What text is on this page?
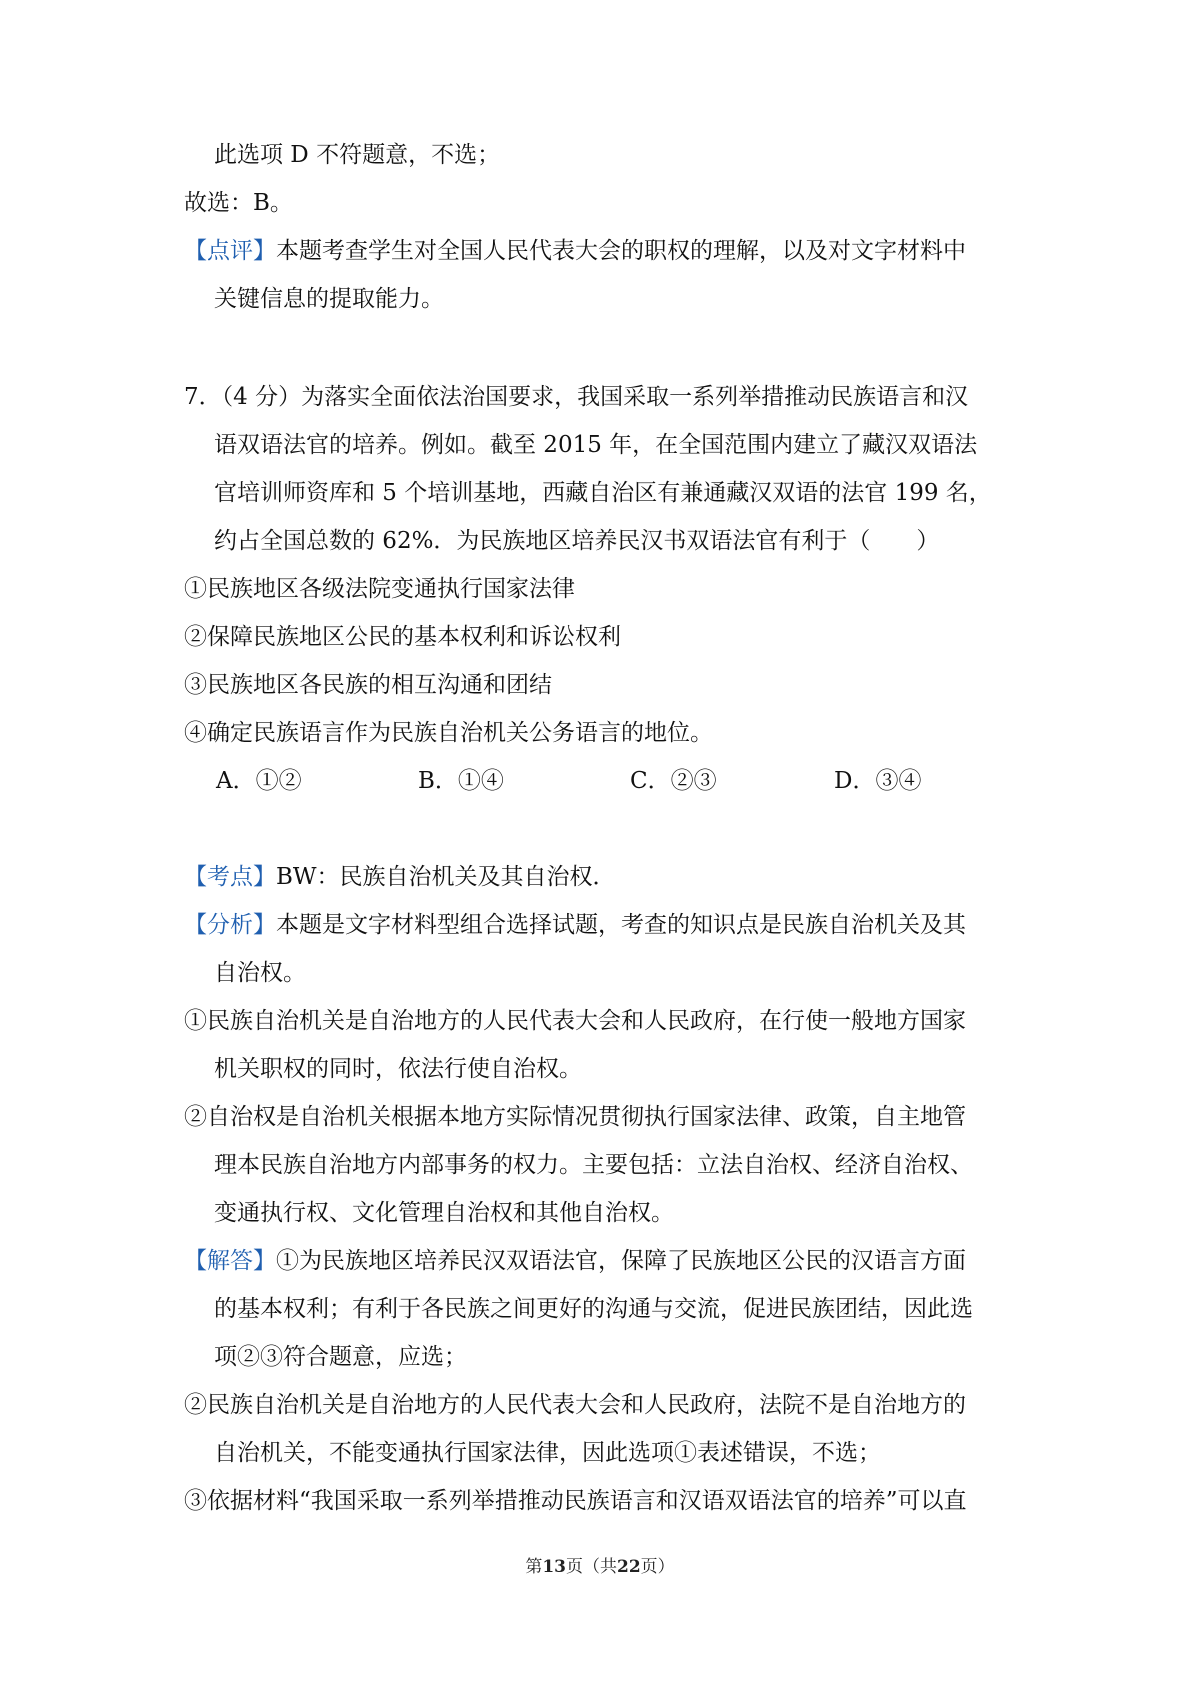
此选项 D 不符题意，不选；
故选：B。
【点评】本题考查学生对全国人民代表大会的职权的理解，以及对文字材料中
关键信息的提取能力。
7．（4 分）为落实全面依法治国要求，我国采取一系列举措推动民族语言和汉
语双语法官的培养。例如。截至 2015 年，在全国范围内建立了藏汉双语法
官培训师资库和 5 个培训基地，西藏自治区有兼通藏汉双语的法官 199 名，
约占全国总数的 62%．为民族地区培养民汉书双语法官有利于（　　）
①民族地区各级法院变通执行国家法律
②保障民族地区公民的基本权利和诉讼权利
③民族地区各民族的相互沟通和团结
④确定民族语言作为民族自治机关公务语言的地位。
A．①②	B．①④	C．②③	D．③④
【考点】BW：民族自治机关及其自治权．
【分析】本题是文字材料型组合选择试题，考查的知识点是民族自治机关及其
自治权。
①民族自治机关是自治地方的人民代表大会和人民政府，在行使一般地方国家
机关职权的同时，依法行使自治权。
②自治权是自治机关根据本地方实际情况贯彻执行国家法律、政策，自主地管
理本民族自治地方内部事务的权力。主要包括：立法自治权、经济自治权、
变通执行权、文化管理自治权和其他自治权。
【解答】①为民族地区培养民汉双语法官，保障了民族地区公民的汉语言方面
的基本权利；有利于各民族之间更好的沟通与交流，促进民族团结，因此选
项②③符合题意，应选；
②民族自治机关是自治地方的人民代表大会和人民政府，法院不是自治地方的
自治机关，不能变通执行国家法律，因此选项①表述错误，不选；
③依据材料“我国采取一系列举措推动民族语言和汉语双语法官的培养”可以直
第13页（共22页）
